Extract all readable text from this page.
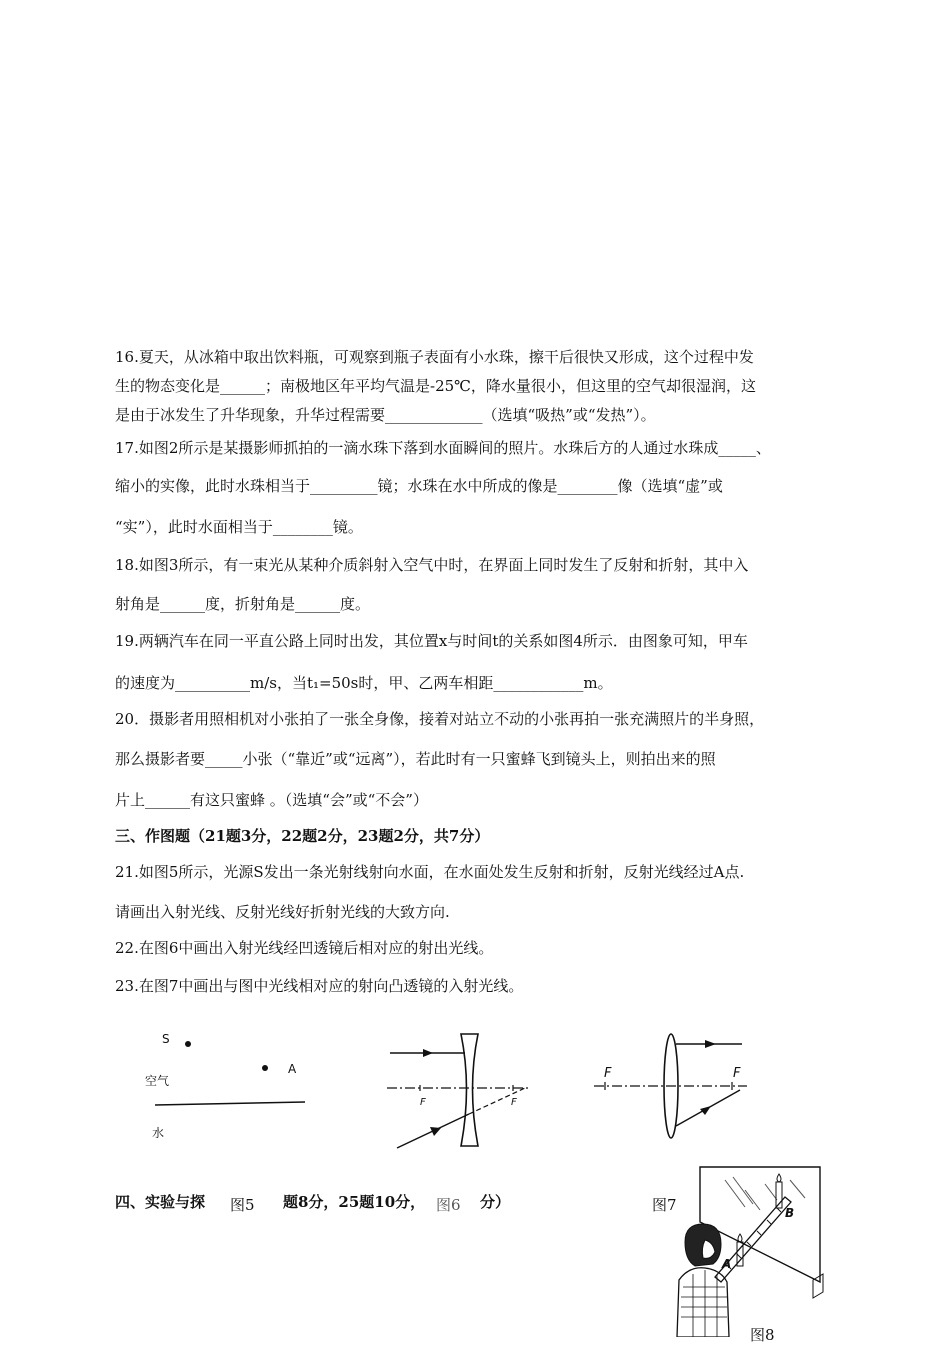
16.夏天，从冰箱中取出饮料瓶，可观察到瓶子表面有小水珠，擦干后很快又形成，这个过程中发
生的物态变化是______；南极地区年平均气温是-25℃，降水量很小，但这里的空气却很湿润，这
是由于冰发生了升华现象，升华过程需要_____________（选填“吸热”或“发热”）。
17.如图2所示是某摄影师抓拍的一滴水珠下落到水面瞬间的照片。水珠后方的人通过水珠成_____、
缩小的实像，此时水珠相当于_________镜；水珠在水中所成的像是________像（选填“虚”或
“实”），此时水面相当于________镜。
18.如图3所示，有一束光从某种介质斜射入空气中时，在界面上同时发生了反射和折射，其中入
射角是______度，折射角是______度。
19.两辆汽车在同一平直公路上同时出发，其位置x与时间t的关系如图4所示．由图象可知，甲车
的速度为__________m/s，当t₁=50s时，甲、乙两车相距____________m。
20．摄影者用照相机对小张拍了一张全身像，接着对站立不动的小张再拍一张充满照片的半身照，
那么摄影者要_____小张（“靠近”或“远离”），若此时有一只蜜蜂飞到镜头上，则拍出来的照
片上______有这只蜜蜂 。（选填“会”或“不会”）
三、作图题（21题3分，22题2分，23题2分，共7分）
21.如图5所示，光源S发出一条光射线射向水面，在水面处发生反射和折射，反射光线经过A点.
请画出入射光线、反射光线好折射光线的大致方向.
22.在图6中画出入射光线经凹透镜后相对应的射出光线。
23.在图7中画出与图中光线相对应的射向凸透镜的入射光线。
S
A
空气
水
F	F
F	F
四、实验与探 图5 题8分，25题10分， 图6 分）	图7
A
B
图8
